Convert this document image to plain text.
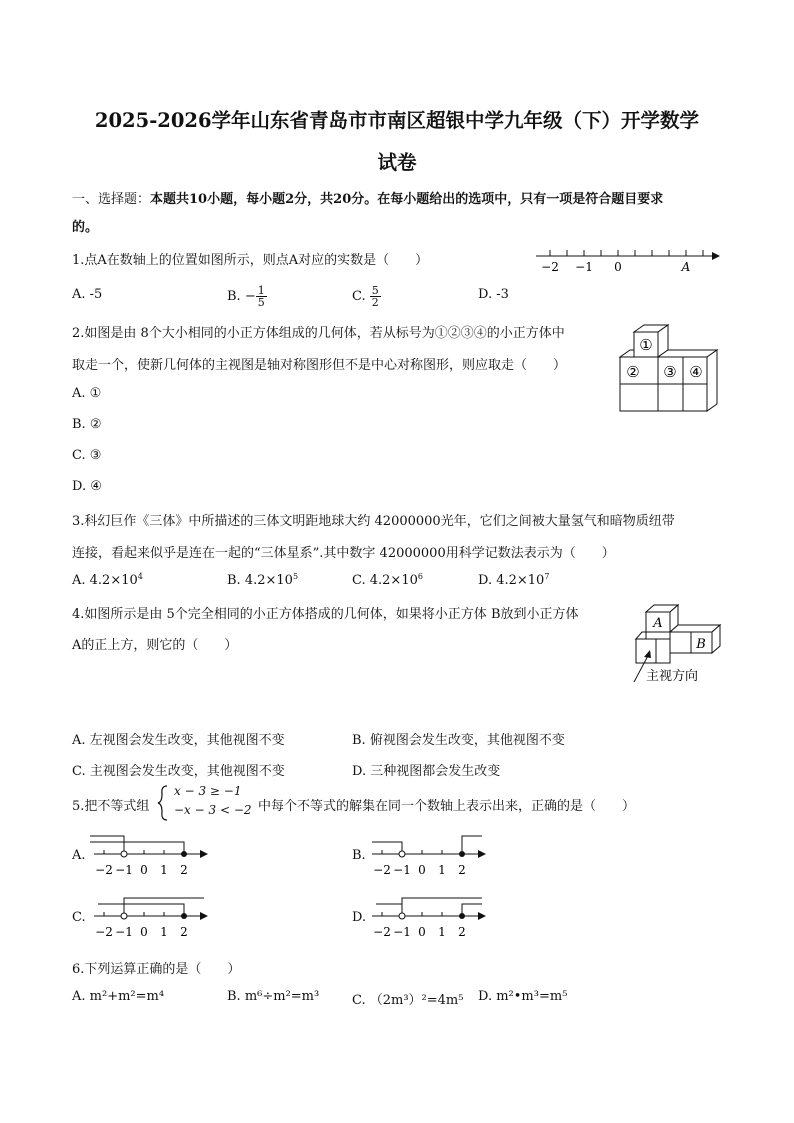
2025-2026学年山东省青岛市市南区超银中学九年级（下）开学数学
试卷
一、选择题：本题共10小题，每小题2分，共20分。在每小题给出的选项中，只有一项是符合题目要求
的。
1.点A在数轴上的位置如图所示，则点A对应的实数是（　　）	−2 −1 0	A
A. -5	B.
− $\frac{1}{5}$	C.
$\frac{5}{2}$	D. -3
2.如图是由 8个大小相同的小正方体组成的几何体，若从标号为①②③④的小正方体中
取走一个，使新几何体的主视图是轴对称图形但不是中心对称图形，则应取走（　　）
A. ①
B. ②
C. ③
D. ④
①
② ③ ④
3.科幻巨作《三体》中所描述的三体文明距地球大约 42000000光年，它们之间被大量氢气和暗物质纽带
连接，看起来似乎是连在一起的“三体星系”.其中数字 42000000用科学记数法表示为（　　）
A. $4.2\times 10^4$	B. $4.2\times 10^5$	C. $4.2\times 10^6$	D. $4.2\times 10^7$
4.如图所示是由 5个完全相同的小正方体搭成的几何体，如果将小正方体 B放到小正方体
A的正上方，则它的（　　）
A
B
主视方向
A. 左视图会发生改变，其他视图不变	B. 俯视图会发生改变，其他视图不变
C. 主视图会发生改变，其他视图不变	D. 三种视图都会发生改变
5.把不等式组
x − 3 ≥ −1
−x − 3 < −2 中每个不等式的解集在同一个数轴上表示出来，正确的是（　　）
A.
−2 −1 0 1 2
B.
−2 −1 0 1 2
C.
−2 −1 0 1 2
D.
−2 −1 0 1 2
6.下列运算正确的是（　　）
A. m²+m²=m⁴	B. m⁶÷m²=m³	C. （2m³）²=4m⁵ D. m²•m³=m⁵
